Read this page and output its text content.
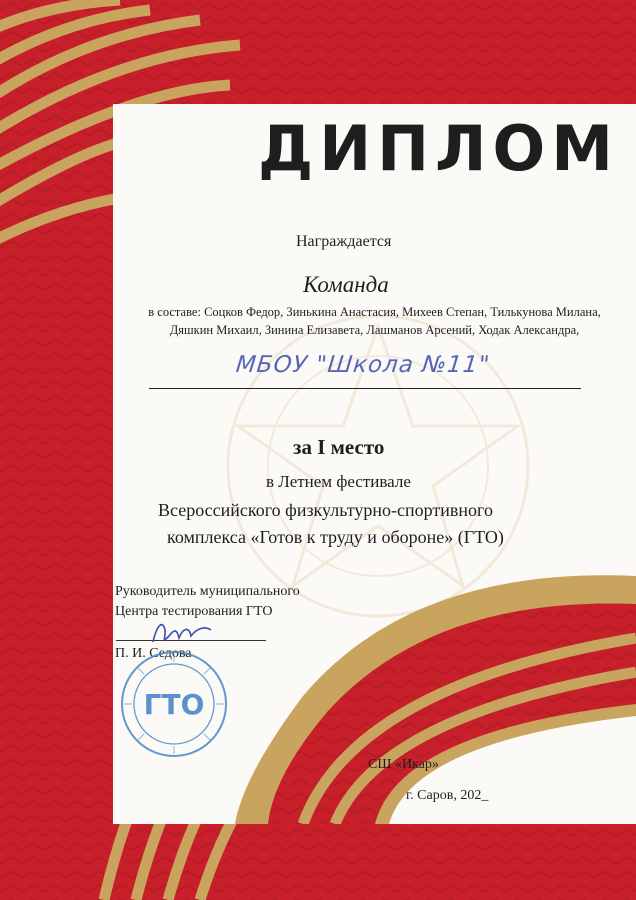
ДИПЛОМ
Награждается
Команда
в составе: Соцков Федор, Зинькина Анастасия, Михеев Степан, Тилькунова Милана, Дяшкин Михаил, Зинина Елизавета, Лашманов Арсений, Ходак Александра,
МБОУ "Школа №11"
за I место
в Летнем фестивале
Всероссийского физкультурно-спортивного
комплекса «Готов к труду и обороне» (ГТО)
Руководитель муниципального
Центра тестирования ГТО
П. И. Седова
ГТО
СШ «Икар»
г. Саров, 202_
